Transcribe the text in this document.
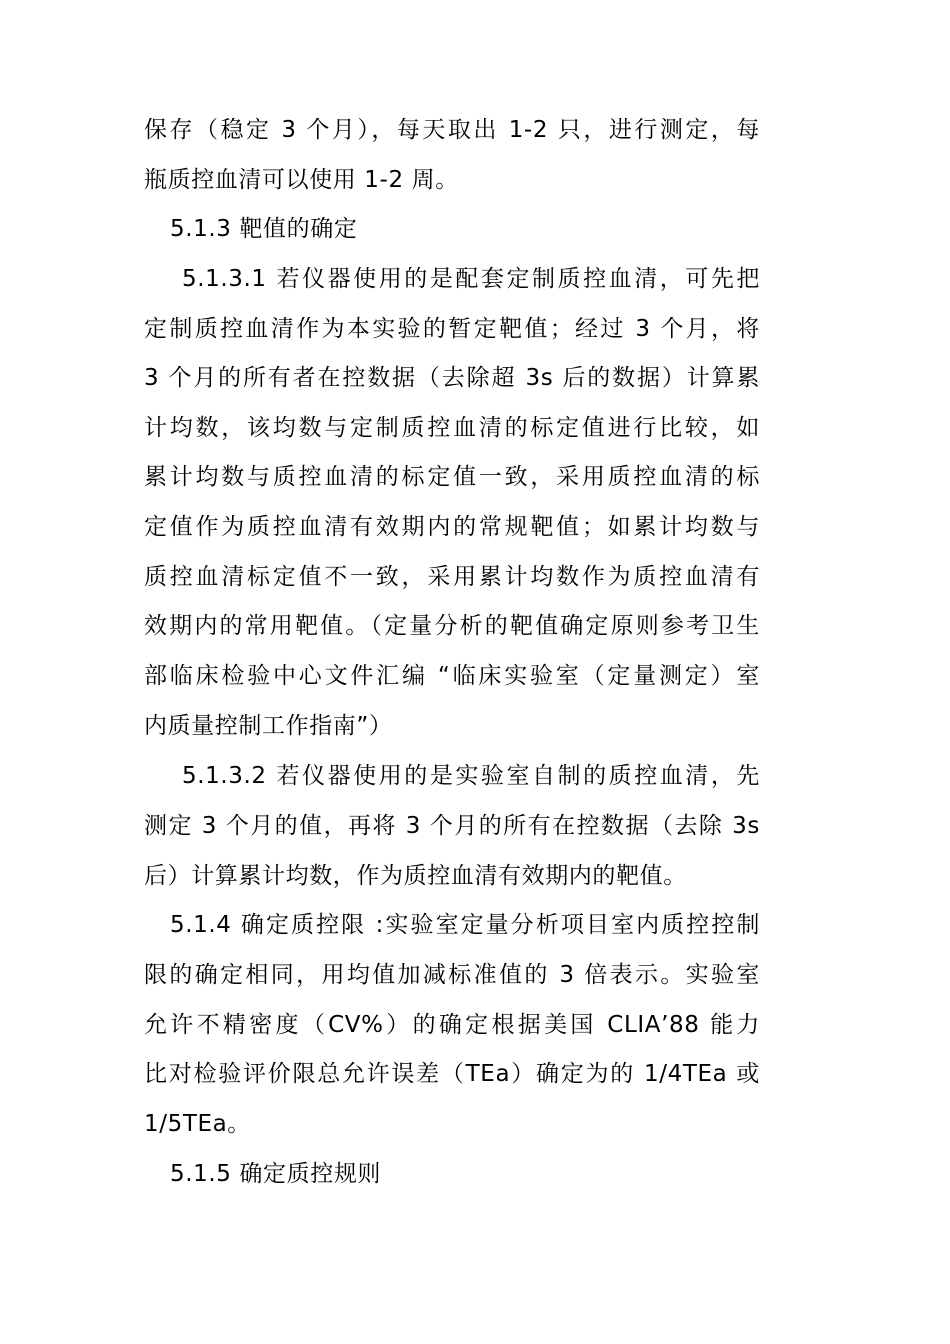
保存（稳定 3 个月），每天取出 1-2 只，进行测定，每
瓶质控血清可以使用 1-2 周。
5.1.3 靶值的确定
5.1.3.1 若仪器使用的是配套定制质控血清，可先把
定制质控血清作为本实验的暂定靶值；经过 3 个月，将
3 个月的所有者在控数据（去除超 3s 后的数据）计算累
计均数，该均数与定制质控血清的标定值进行比较，如
累计均数与质控血清的标定值一致，采用质控血清的标
定值作为质控血清有效期内的常规靶值；如累计均数与
质控血清标定值不一致，采用累计均数作为质控血清有
效期内的常用靶值。（定量分析的靶值确定原则参考卫生
部临床检验中心文件汇编 “临床实验室（定量测定）室
内质量控制工作指南”）
5.1.3.2 若仪器使用的是实验室自制的质控血清，先
测定 3 个月的值，再将 3 个月的所有在控数据（去除 3s
后）计算累计均数，作为质控血清有效期内的靶值。
5.1.4 确定质控限 :实验室定量分析项目室内质控控制
限的确定相同，用均值加减标准值的 3 倍表示。实验室
允许不精密度（CV%）的确定根据美国 CLIA’88 能力
比对检验评价限总允许误差（TEa）确定为的 1/4TEa 或
1/5TEa。
5.1.5 确定质控规则
